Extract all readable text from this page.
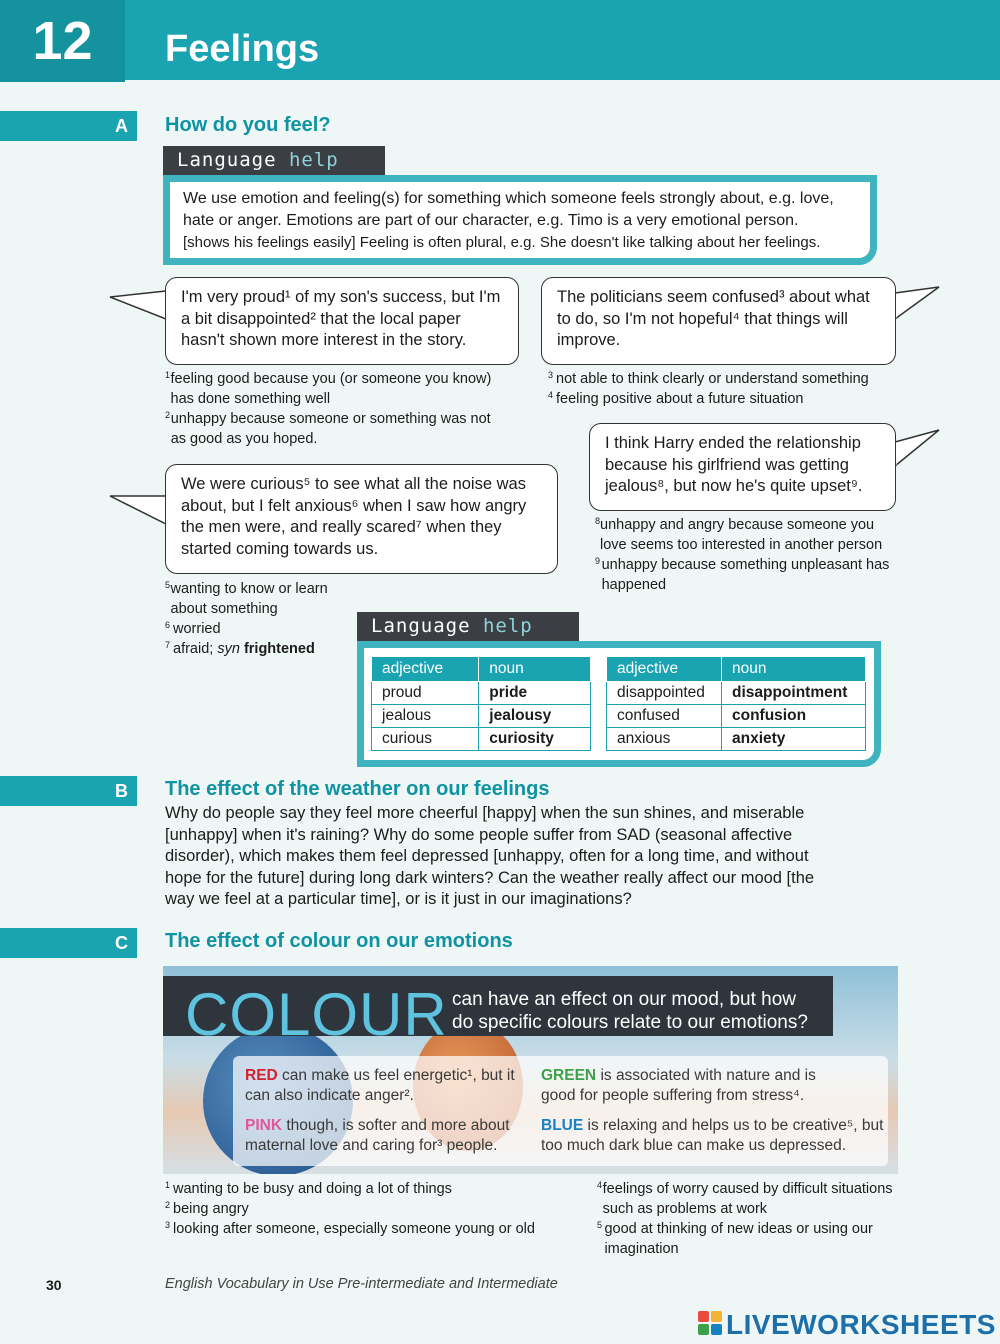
12	Feelings
A	How do you feel?
Language help
We use emotion and feeling(s) for something which someone feels strongly about, e.g. love,
hate or anger. Emotions are part of our character, e.g. Timo is a very emotional person.
[shows his feelings easily] Feeling is often plural, e.g. She doesn't like talking about her feelings.
I'm very proud¹ of my son's success, but I'm a bit disappointed² that the local paper hasn't shown more interest in the story.
The politicians seem confused³ about what to do, so I'm not hopeful⁴ that things will improve.
1 feeling good because you (or someone you know) has done something well
2 unhappy because someone or something was not as good as you hoped.
3 not able to think clearly or understand something
4 feeling positive about a future situation
I think Harry ended the relationship because his girlfriend was getting jealous⁸, but now he's quite upset⁹.
We were curious⁵ to see what all the noise was about, but I felt anxious⁶ when I saw how angry the men were, and really scared⁷ when they started coming towards us.
8 unhappy and angry because someone you love seems too interested in another person
9 unhappy because something unpleasant has happened
5 wanting to know or learn about something
6 worried
7 afraid; syn frightened
Language help
adjective	noun
proud	pride
jealous	jealousy
curious	curiosity
adjective	noun
disappointed	disappointment
confused	confusion
anxious	anxiety
B	The effect of the weather on our feelings
Why do people say they feel more cheerful [happy] when the sun shines, and miserable [unhappy] when it's raining? Why do some people suffer from SAD (seasonal affective disorder), which makes them feel depressed [unhappy, often for a long time, and without hope for the future] during long dark winters? Can the weather really affect our mood [the way we feel at a particular time], or is it just in our imaginations?
C	The effect of colour on our emotions
COLOUR can have an effect on our mood, but how
do specific colours relate to our emotions?
RED can make us feel energetic¹, but it can also indicate anger².
GREEN is associated with nature and is good for people suffering from stress⁴.
PINK though, is softer and more about maternal love and caring for³ people.
BLUE is relaxing and helps us to be creative⁵, but too much dark blue can make us depressed.
1 wanting to be busy and doing a lot of things
2 being angry
3 looking after someone, especially someone young or old
4 feelings of worry caused by difficult situations such as problems at work
5 good at thinking of new ideas or using our imagination
30	English Vocabulary in Use Pre-intermediate and Intermediate
LIVEWORKSHEETS
